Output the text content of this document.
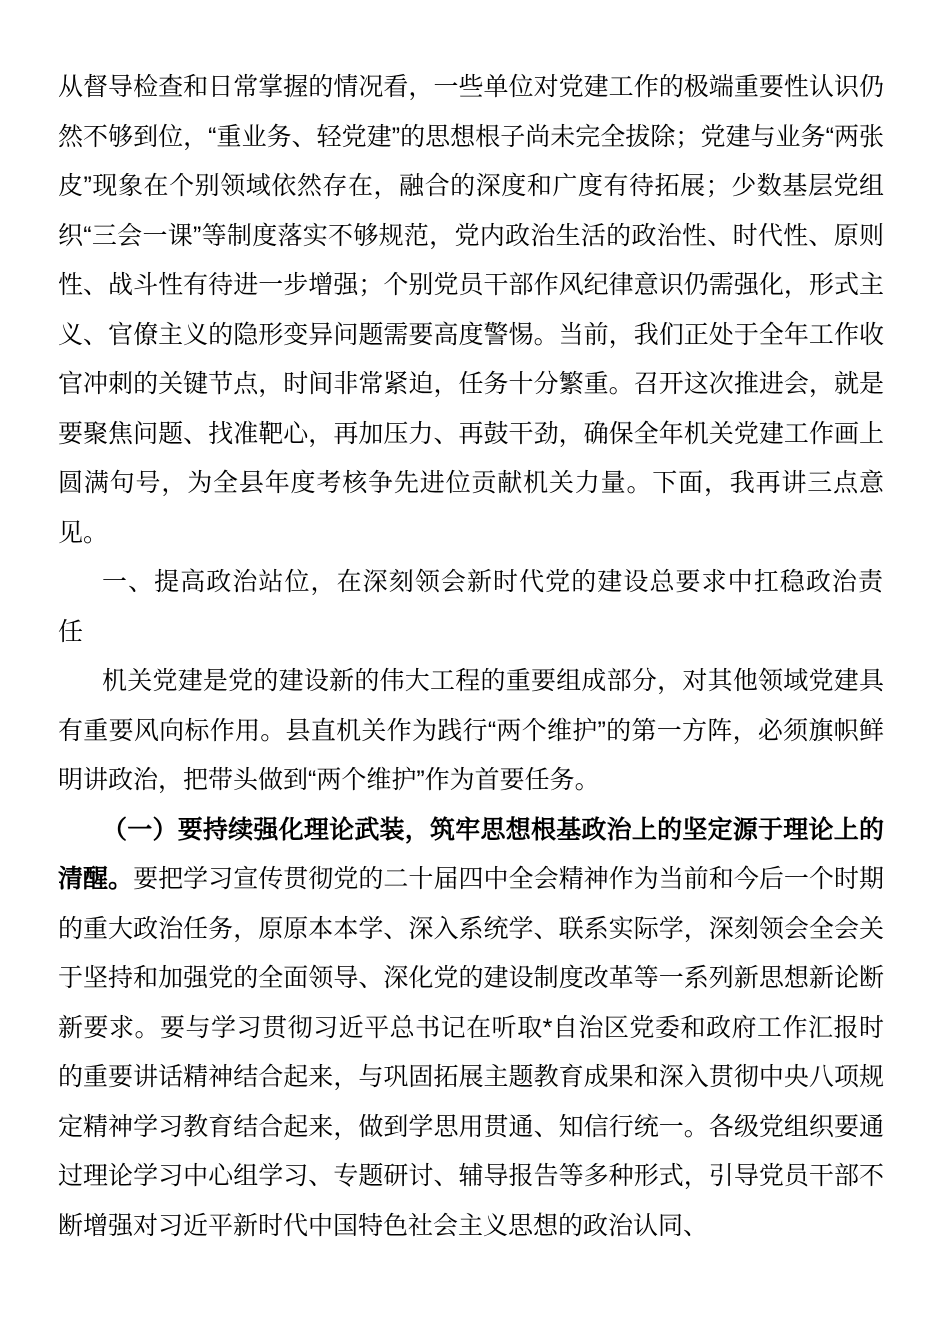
从督导检查和日常掌握的情况看，一些单位对党建工作的极端重要性认识仍然不够到位，“重业务、轻党建”的思想根子尚未完全拔除；党建与业务“两张皮”现象在个别领域依然存在，融合的深度和广度有待拓展；少数基层党组织“三会一课”等制度落实不够规范，党内政治生活的政治性、时代性、原则性、战斗性有待进一步增强；个别党员干部作风纪律意识仍需强化，形式主义、官僚主义的隐形变异问题需要高度警惕。当前，我们正处于全年工作收官冲刺的关键节点，时间非常紧迫，任务十分繁重。召开这次推进会，就是要聚焦问题、找准靶心，再加压力、再鼓干劲，确保全年机关党建工作画上圆满句号，为全县年度考核争先进位贡献机关力量。下面，我再讲三点意见。

一、提高政治站位，在深刻领会新时代党的建设总要求中扛稳政治责任

机关党建是党的建设新的伟大工程的重要组成部分，对其他领域党建具有重要风向标作用。县直机关作为践行“两个维护”的第一方阵，必须旗帜鲜明讲政治，把带头做到“两个维护”作为首要任务。

（一）要持续强化理论武装，筑牢思想根基政治上的坚定源于理论上的清醒。要把学习宣传贯彻党的二十届四中全会精神作为当前和今后一个时期的重大政治任务，原原本本学、深入系统学、联系实际学，深刻领会全会关于坚持和加强党的全面领导、深化党的建设制度改革等一系列新思想新论断新要求。要与学习贯彻习近平总书记在听取*自治区党委和政府工作汇报时的重要讲话精神结合起来，与巩固拓展主题教育成果和深入贯彻中央八项规定精神学习教育结合起来，做到学思用贯通、知信行统一。各级党组织要通过理论学习中心组学习、专题研讨、辅导报告等多种形式，引导党员干部不断增强对习近平新时代中国特色社会主义思想的政治认同、
